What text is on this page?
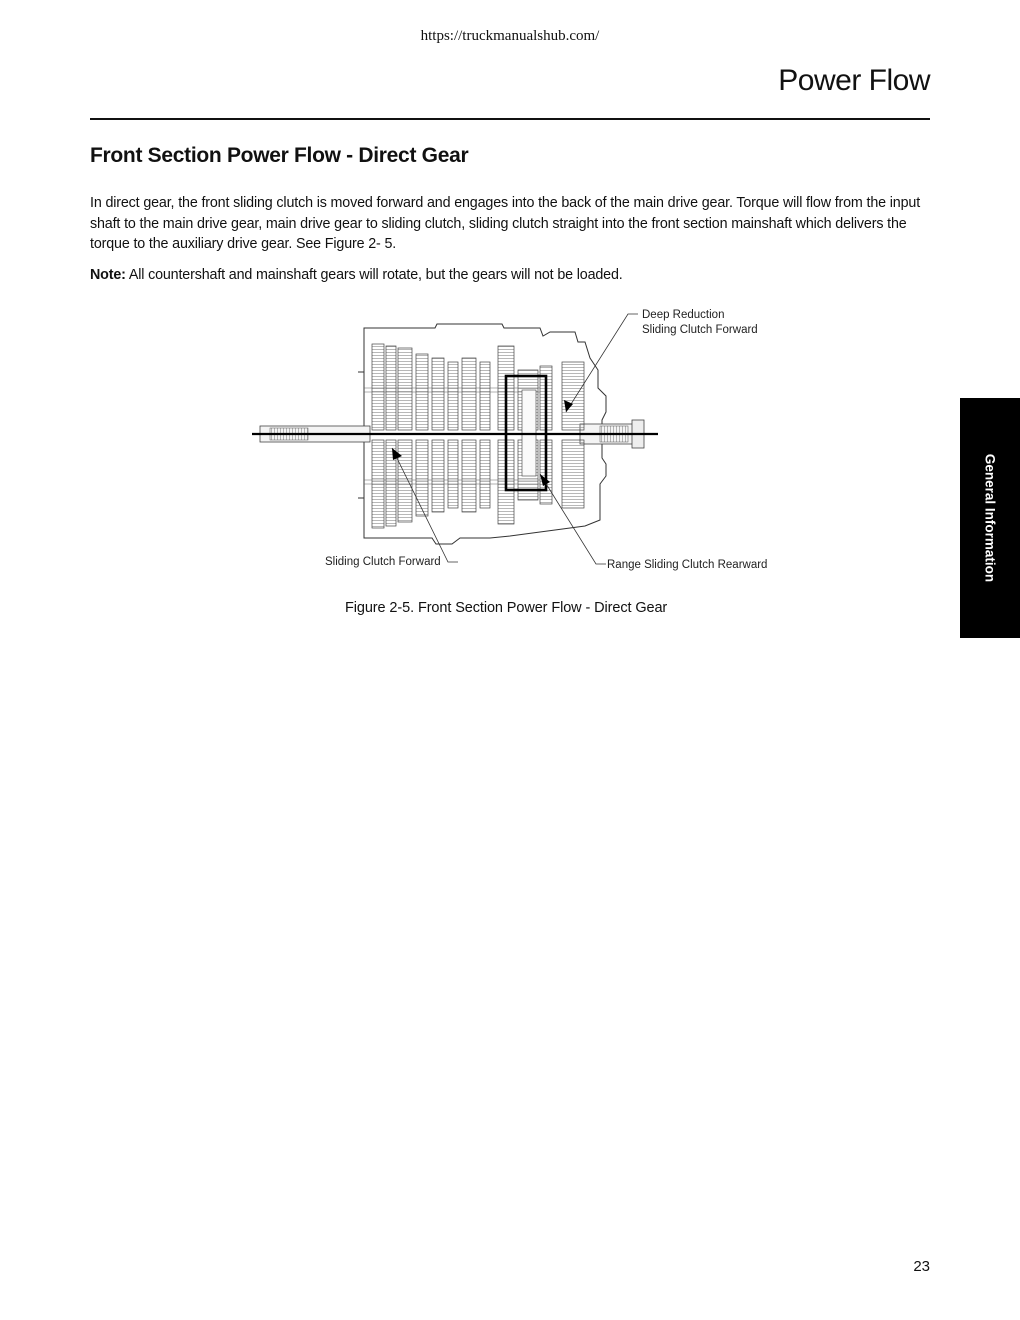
https://truckmanualshub.com/
Power Flow
Front Section Power Flow - Direct Gear
In direct gear, the front sliding clutch is moved forward and engages into the back of the main drive gear. Torque will flow from the input shaft to the main drive gear, main drive gear to sliding clutch, sliding clutch straight into the front section mainshaft which delivers the torque to the auxiliary drive gear. See Figure 2- 5.
Note: All countershaft and mainshaft gears will rotate, but the gears will not be loaded.
Deep Reduction
Sliding Clutch Forward
Sliding Clutch Forward	Range Sliding Clutch Rearward
Figure 2-5. Front Section Power Flow - Direct Gear
General Information
23
